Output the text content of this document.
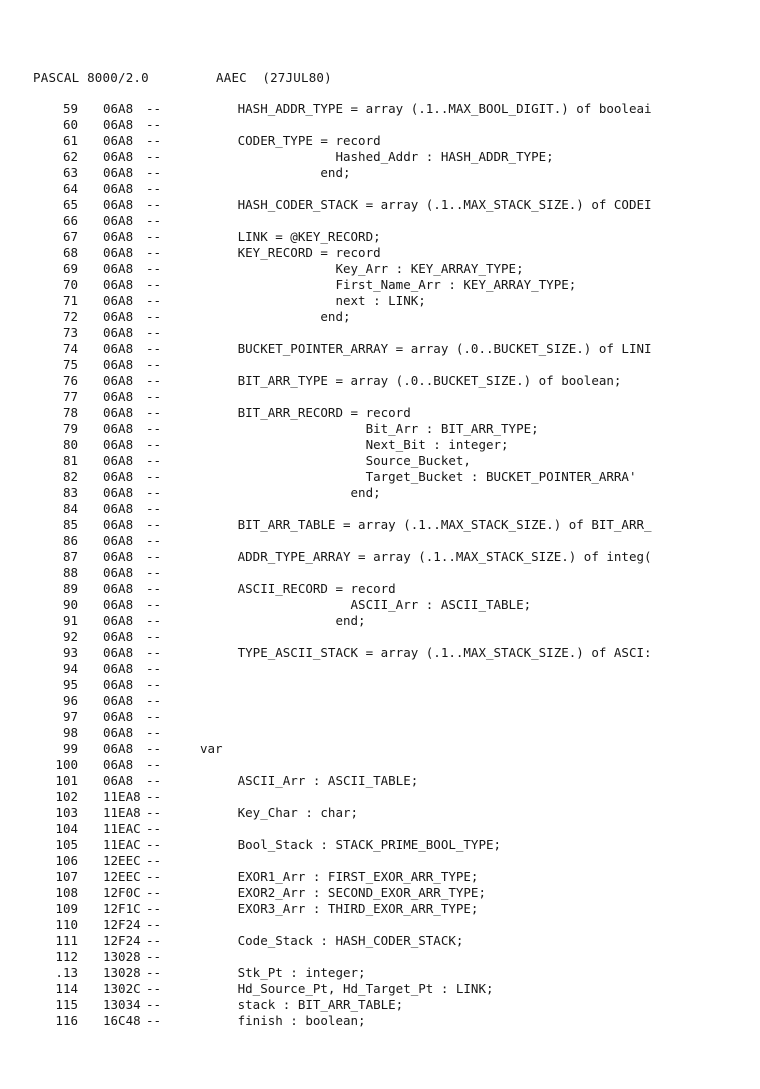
PASCAL 8000/2.0

	AAEC  (27JUL80)

59 06A8 --	HASH_ADDR_TYPE = array (.1..MAX_BOOL_DIGIT.) of booleai
60 06A8 --
61 06A8 --	CODER_TYPE = record
62 06A8 --	Hashed_Addr : HASH_ADDR_TYPE;
63 06A8 --	end;
64 06A8 --
65 06A8 --	HASH_CODER_STACK = array (.1..MAX_STACK_SIZE.) of CODEI
66 06A8 --
67 06A8 --	LINK = @KEY_RECORD;
68 06A8 --	KEY_RECORD = record
69 06A8 --	Key_Arr : KEY_ARRAY_TYPE;
70 06A8 --	First_Name_Arr : KEY_ARRAY_TYPE;
71 06A8 --	next : LINK;
72 06A8 --	end;
73 06A8 --
74 06A8 --	BUCKET_POINTER_ARRAY = array (.0..BUCKET_SIZE.) of LINI
75 06A8 --
76 06A8 --	BIT_ARR_TYPE = array (.0..BUCKET_SIZE.) of boolean;
77 06A8 --
78 06A8 --	BIT_ARR_RECORD = record
79 06A8 --	Bit_Arr : BIT_ARR_TYPE;
80 06A8 --	Next_Bit : integer;
81 06A8 --	Source_Bucket,
82 06A8 --	Target_Bucket : BUCKET_POINTER_ARRA'
83 06A8 --	end;
84 06A8 --
85 06A8 --	BIT_ARR_TABLE = array (.1..MAX_STACK_SIZE.) of BIT_ARR_
86 06A8 --
87 06A8 --	ADDR_TYPE_ARRAY = array (.1..MAX_STACK_SIZE.) of integ(
88 06A8 --
89 06A8 --	ASCII_RECORD = record
90 06A8 --	ASCII_Arr : ASCII_TABLE;
91 06A8 --	end;
92 06A8 --
93 06A8 --	TYPE_ASCII_STACK = array (.1..MAX_STACK_SIZE.) of ASCI:
94 06A8 --
95 06A8 --
96 06A8 --
97 06A8 --
98 06A8 --
99 06A8 --	var
100 06A8 --
101 06A8 --	ASCII_Arr : ASCII_TABLE;
102 11EA8 --
103 11EA8 --	Key_Char : char;
104 11EAC --
105 11EAC --	Bool_Stack : STACK_PRIME_BOOL_TYPE;
106 12EEC --
107 12EEC --	EXOR1_Arr : FIRST_EXOR_ARR_TYPE;
108 12F0C --	EXOR2_Arr : SECOND_EXOR_ARR_TYPE;
109 12F1C --	EXOR3_Arr : THIRD_EXOR_ARR_TYPE;
110 12F24 --
111 12F24 --	Code_Stack : HASH_CODER_STACK;
112 13028 --
.13 13028 --	Stk_Pt : integer;
114 1302C --	Hd_Source_Pt, Hd_Target_Pt : LINK;
115 13034 --	stack : BIT_ARR_TABLE;
116 16C48 --	finish : boolean;
